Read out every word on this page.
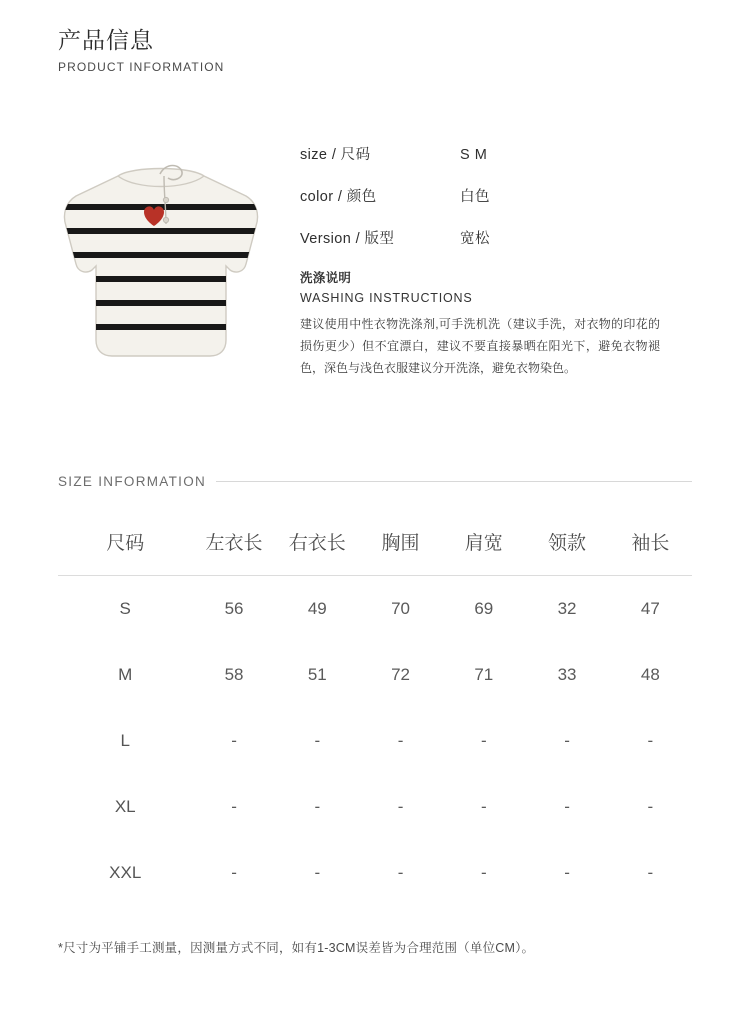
产品信息
PRODUCT INFORMATION
size / 尺码	S M
color / 颜色	白色
Version / 版型	宽松
洗涤说明
WASHING INSTRUCTIONS
建议使用中性衣物洗涤剂,可手洗机洗（建议手洗，对衣物的印花的损伤更少）但不宜漂白，建议不要直接暴晒在阳光下，避免衣物褪色，深色与浅色衣服建议分开洗涤，避免衣物染色。
SIZE INFORMATION
尺码	左衣长	右衣长	胸围	肩宽	领款	袖长
S	56	49	70	69	32	47
M	58	51	72	71	33	48
L	-	-	-	-	-	-
XL	-	-	-	-	-	-
XXL	-	-	-	-	-	-
*尺寸为平铺手工测量，因测量方式不同，如有1-3CM误差皆为合理范围（单位CM）。
